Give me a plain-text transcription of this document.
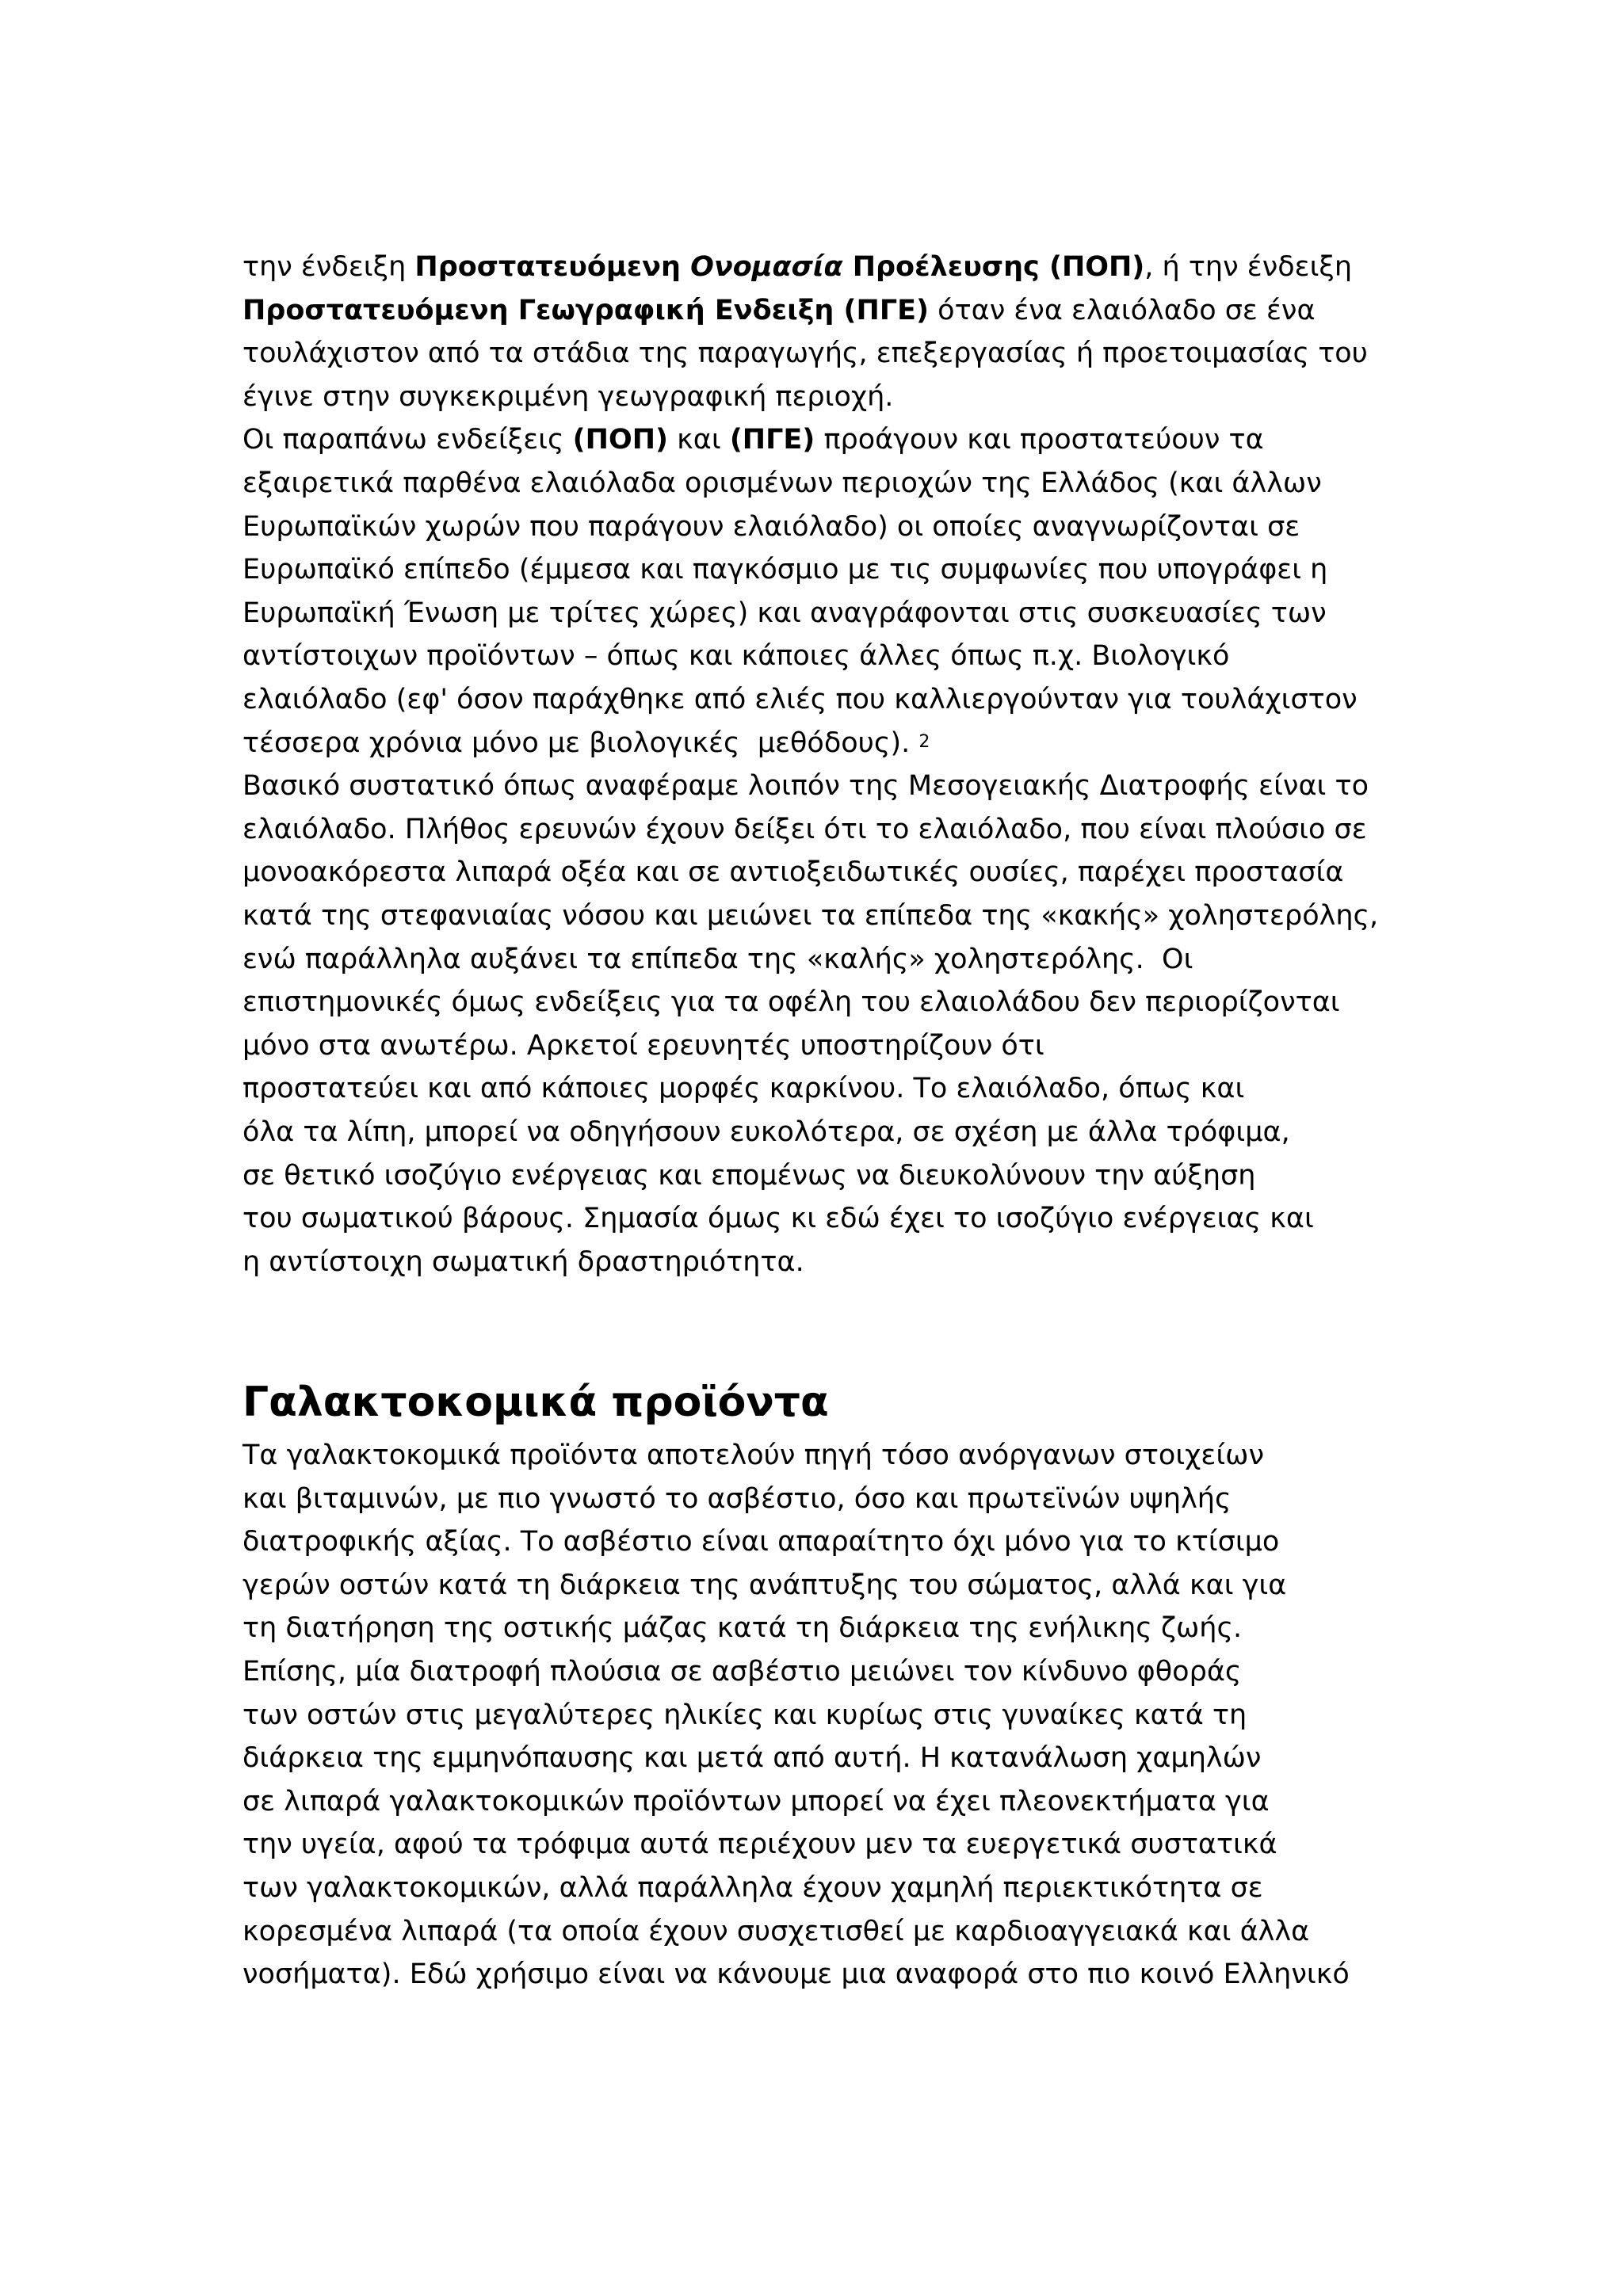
την ένδειξη Προστατευόμενη Ονομασία Προέλευσης (ΠΟΠ), ή την ένδειξη

Προστατευόμενη Γεωγραφική Ενδειξη (ΠΓΕ) όταν ένα ελαιόλαδο σε ένα

τουλάχιστον από τα στάδια της παραγωγής, επεξεργασίας ή προετοιμασίας του

έγινε στην συγκεκριμένη γεωγραφική περιοχή.

Οι παραπάνω ενδείξεις (ΠΟΠ) και (ΠΓΕ) προάγουν και προστατεύουν τα

εξαιρετικά παρθένα ελαιόλαδα ορισμένων περιοχών της Ελλάδος (και άλλων

Ευρωπαϊκών χωρών που παράγουν ελαιόλαδο) οι οποίες αναγνωρίζονται σε

Ευρωπαϊκό επίπεδο (έμμεσα και παγκόσμιο με τις συμφωνίες που υπογράφει η

Ευρωπαϊκή Ένωση με τρίτες χώρες) και αναγράφονται στις συσκευασίες των

αντίστοιχων προϊόντων – όπως και κάποιες άλλες όπως π.χ. Βιολογικό

ελαιόλαδο (εφ' όσον παράχθηκε από ελιές που καλλιεργούνταν για τουλάχιστον

τέσσερα χρόνια μόνο με βιολογικές  μεθόδους). $^2$

Βασικό συστατικό όπως αναφέραμε λοιπόν της Μεσογειακής Διατροφής είναι το

ελαιόλαδο. Πλήθος ερευνών έχουν δείξει ότι το ελαιόλαδο, που είναι πλούσιο σε

μονοακόρεστα λιπαρά οξέα και σε αντιοξειδωτικές ουσίες, παρέχει προστασία

κατά της στεφανιαίας νόσου και μειώνει τα επίπεδα της «κακής» χοληστερόλης,

ενώ παράλληλα αυξάνει τα επίπεδα της «καλής» χοληστερόλης.  Οι

επιστημονικές όμως ενδείξεις για τα οφέλη του ελαιολάδου δεν περιορίζονται

μόνο στα ανωτέρω. Αρκετοί ερευνητές υποστηρίζουν ότι

προστατεύει και από κάποιες μορφές καρκίνου. Το ελαιόλαδο, όπως και

όλα τα λίπη, μπορεί να οδηγήσουν ευκολότερα, σε σχέση με άλλα τρόφιμα,

σε θετικό ισοζύγιο ενέργειας και επομένως να διευκολύνουν την αύξηση

του σωματικού βάρους. Σημασία όμως κι εδώ έχει το ισοζύγιο ενέργειας και

η αντίστοιχη σωματική δραστηριότητα.

Γαλακτοκομικά προϊόντα

Τα γαλακτοκομικά προϊόντα αποτελούν πηγή τόσο ανόργανων στοιχείων

και βιταμινών, με πιο γνωστό το ασβέστιο, όσο και πρωτεϊνών υψηλής

διατροφικής αξίας. Το ασβέστιο είναι απαραίτητο όχι μόνο για το κτίσιμο

γερών οστών κατά τη διάρκεια της ανάπτυξης του σώματος, αλλά και για

τη διατήρηση της οστικής μάζας κατά τη διάρκεια της ενήλικης ζωής.

Επίσης, μία διατροφή πλούσια σε ασβέστιο μειώνει τον κίνδυνο φθοράς

των οστών στις μεγαλύτερες ηλικίες και κυρίως στις γυναίκες κατά τη

διάρκεια της εμμηνόπαυσης και μετά από αυτή. Η κατανάλωση χαμηλών

σε λιπαρά γαλακτοκομικών προϊόντων μπορεί να έχει πλεονεκτήματα για

την υγεία, αφού τα τρόφιμα αυτά περιέχουν μεν τα ευεργετικά συστατικά

των γαλακτοκομικών, αλλά παράλληλα έχουν χαμηλή περιεκτικότητα σε

κορεσμένα λιπαρά (τα οποία έχουν συσχετισθεί με καρδιοαγγειακά και άλλα

νοσήματα). Εδώ χρήσιμο είναι να κάνουμε μια αναφορά στο πιο κοινό Ελληνικό
